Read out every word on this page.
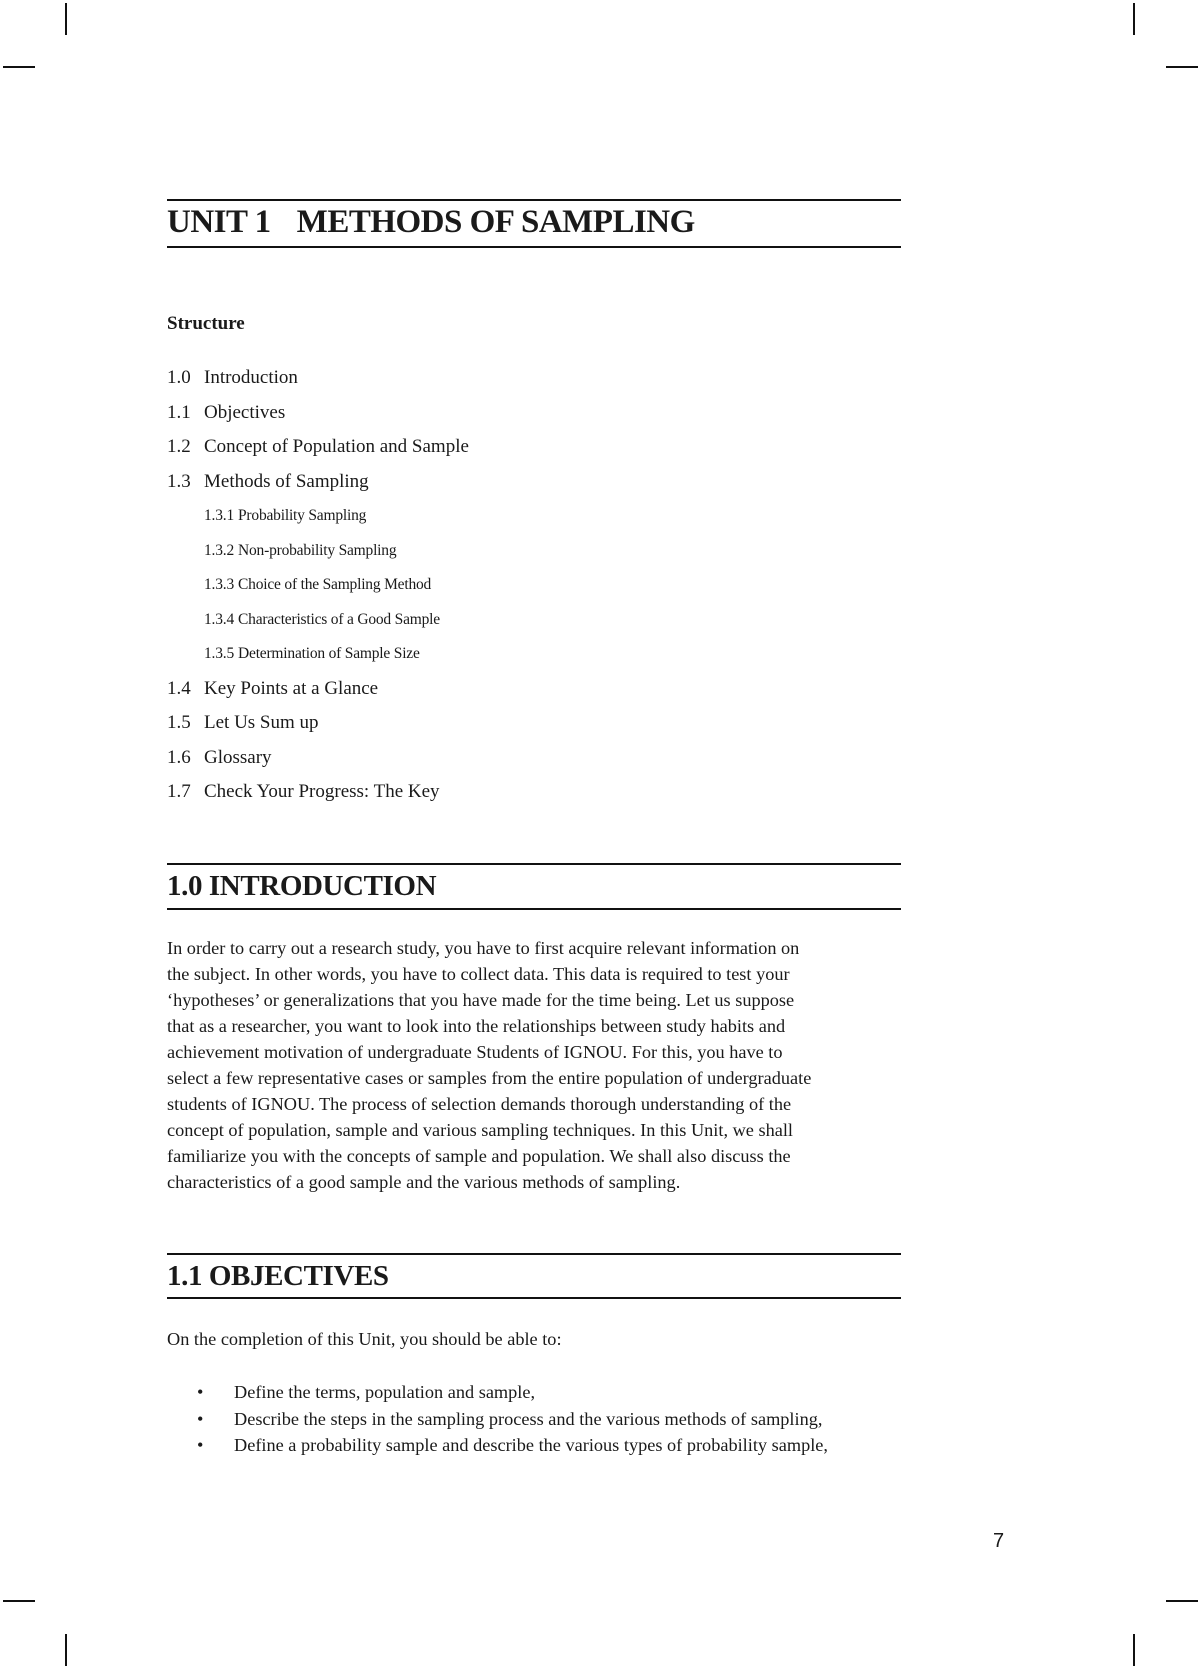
UNIT 1 METHODS OF SAMPLING
Structure
1.0 Introduction
1.1 Objectives
1.2 Concept of Population and Sample
1.3 Methods of Sampling
1.3.1 Probability Sampling
1.3.2 Non-probability Sampling
1.3.3 Choice of the Sampling Method
1.3.4 Characteristics of a Good Sample
1.3.5 Determination of Sample Size
1.4 Key Points at a Glance
1.5 Let Us Sum up
1.6 Glossary
1.7 Check Your Progress: The Key
1.0 INTRODUCTION

In order to carry out a research study, you have to first acquire relevant information on
the subject. In other words, you have to collect data. This data is required to test your
‘hypotheses’ or generalizations that you have made for the time being. Let us suppose
that as a researcher, you want to look into the relationships between study habits and
achievement motivation of undergraduate Students of IGNOU. For this, you have to
select a few representative cases or samples from the entire population of undergraduate
students of IGNOU. The process of selection demands thorough understanding of the
concept of population, sample and various sampling techniques. In this Unit, we shall
familiarize you with the concepts of sample and population. We shall also discuss the
characteristics of a good sample and the various methods of sampling.

1.1 OBJECTIVES

On the completion of this Unit, you should be able to:

• Define the terms, population and sample,
• Describe the steps in the sampling process and the various methods of sampling,
• Define a probability sample and describe the various types of probability sample,
7
